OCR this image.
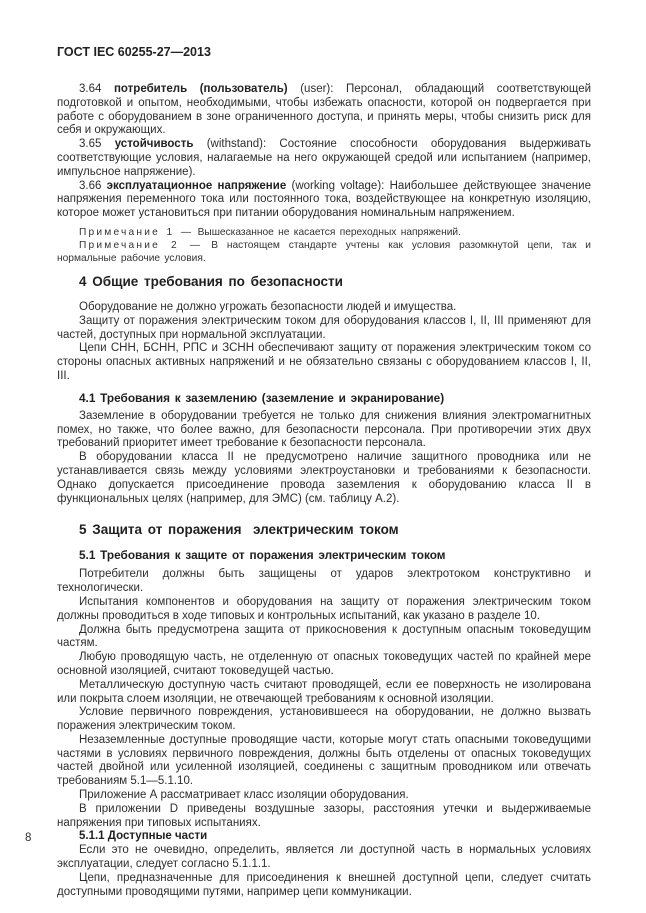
ГОСТ IEC 60255-27—2013

3.64 потребитель (пользователь) (user): Персонал, обладающий соответствующей подготовкой и опытом, необходимыми, чтобы избежать опасности, которой он подвергается при работе с оборудованием в зоне ограниченного доступа, и принять меры, чтобы снизить риск для себя и окружающих.

3.65 устойчивость (withstand): Состояние способности оборудования выдерживать соответствующие условия, налагаемые на него окружающей средой или испытанием (например, импульсное напряжение).

3.66 эксплуатационное напряжение (working voltage): Наибольшее действующее значение напряжения переменного тока или постоянного тока, воздействующее на конкретную изоляцию, которое может установиться при питании оборудования номинальным напряжением.

Примечание 1 — Вышесказанное не касается переходных напряжений.

Примечание 2 — В настоящем стандарте учтены как условия разомкнутой цепи, так и нормальные рабочие условия.

4 Общие требования по безопасности

Оборудование не должно угрожать безопасности людей и имущества.

Защиту от поражения электрическим током для оборудования классов I, II, III применяют для частей, доступных при нормальной эксплуатации.

Цепи СНН, БСНН, РПС и ЗСНН обеспечивают защиту от поражения электрическим током со стороны опасных активных напряжений и не обязательно связаны с оборудованием классов I, II, III.

4.1 Требования к заземлению (заземление и экранирование)

Заземление в оборудовании требуется не только для снижения влияния электромагнитных помех, но также, что более важно, для безопасности персонала. При противоречии этих двух требований приоритет имеет требование к безопасности персонала.

В оборудовании класса II не предусмотрено наличие защитного проводника или не устанавливается связь между условиями электроустановки и требованиями к безопасности. Однако допускается присоединение провода заземления к оборудованию класса II в функциональных целях (например, для ЭМС) (см. таблицу А.2).

5 Защита от поражения  электрическим током
5.1 Требования к защите от поражения электрическим током

Потребители должны быть защищены от ударов электротоком конструктивно и технологически.

Испытания компонентов и оборудования на защиту от поражения электрическим током должны проводиться в ходе типовых и контрольных испытаний, как указано в разделе 10.

Должна быть предусмотрена защита от прикосновения к доступным опасным токоведущим частям.

Любую проводящую часть, не отделенную от опасных токоведущих частей по крайней мере основной изоляцией, считают токоведущей частью.

Металлическую доступную часть считают проводящей, если ее поверхность не изолирована или покрыта слоем изоляции, не отвечающей требованиям к основной изоляции.

Условие первичного повреждения, установившееся на оборудовании, не должно вызвать поражения электрическим током.

Незаземленные доступные проводящие части, которые могут стать опасными токоведущими частями в условиях первичного повреждения, должны быть отделены от опасных токоведущих частей двойной или усиленной изоляцией, соединены с защитным проводником или отвечать требованиям 5.1—5.1.10.

Приложение А рассматривает класс изоляции оборудования.

В приложении D приведены воздушные зазоры, расстояния утечки и выдерживаемые напряжения при типовых испытаниях.

5.1.1 Доступные части

Если это не очевидно, определить, является ли доступной часть в нормальных условиях эксплуатации, следует согласно 5.1.1.1.

Цепи, предназначенные для присоединения к внешней доступной цепи, следует считать доступными проводящими путями, например цепи коммуникации.

8
